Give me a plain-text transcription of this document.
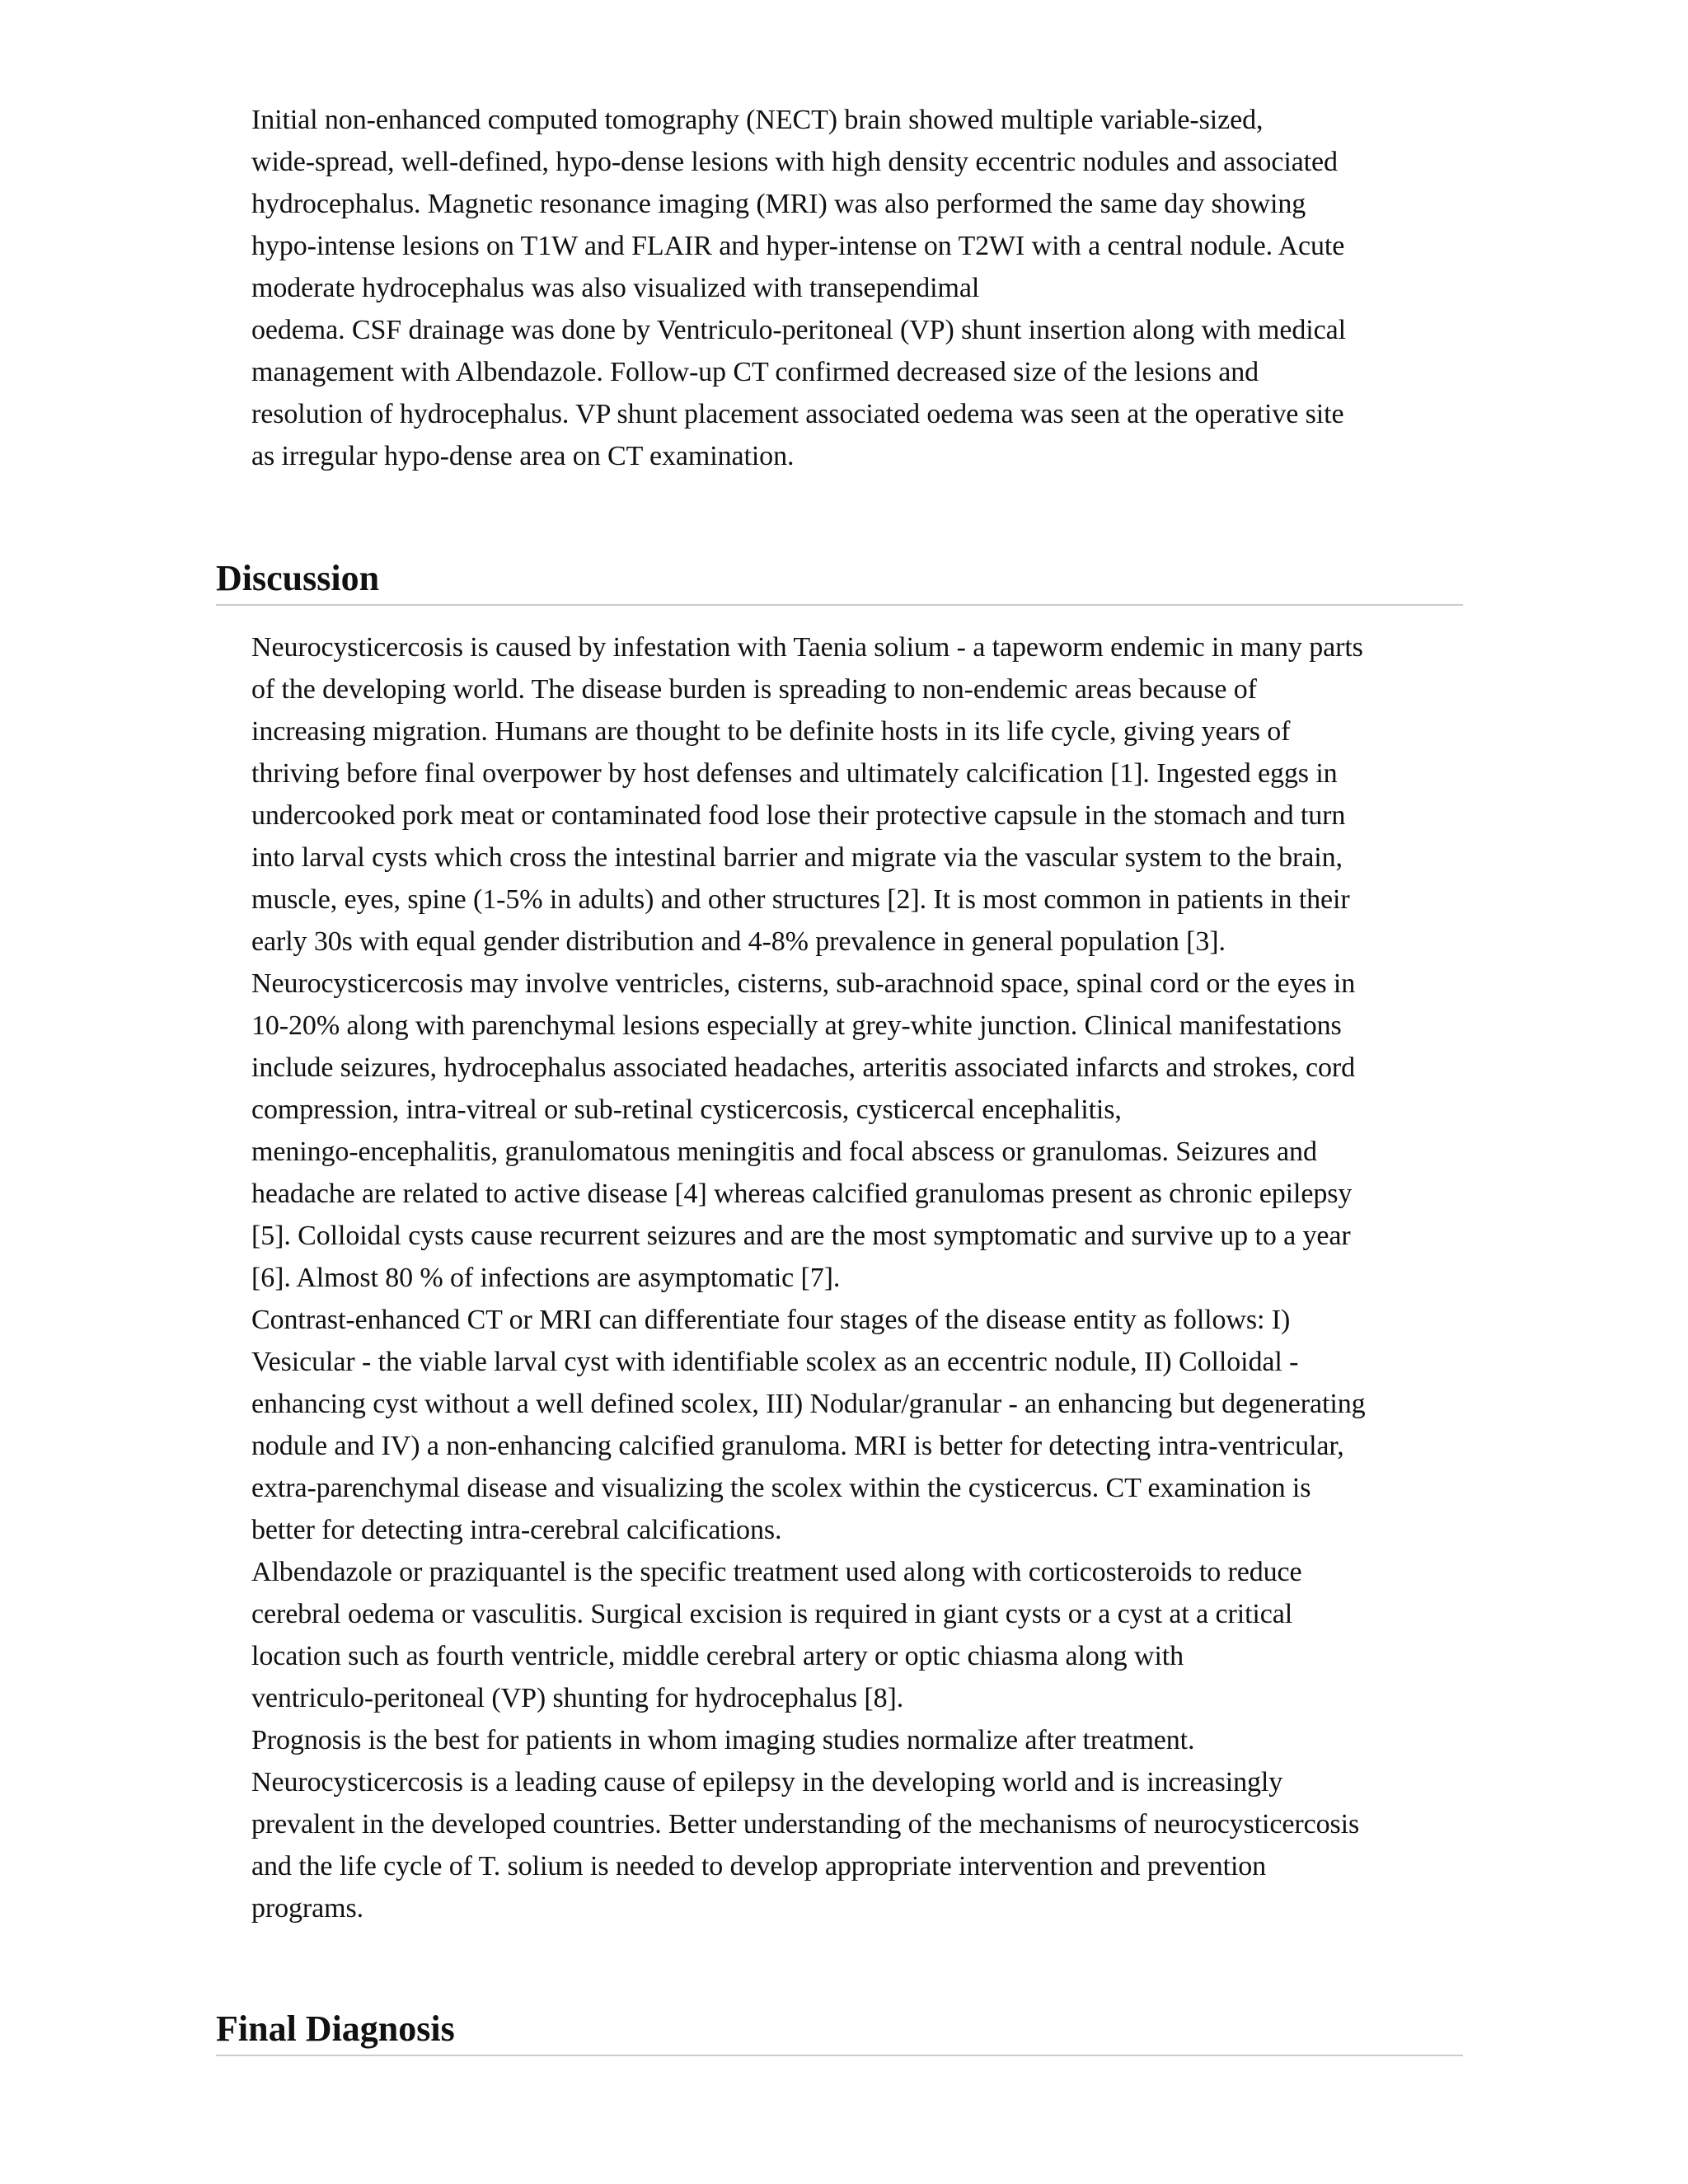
Initial non-enhanced computed tomography (NECT) brain showed multiple variable-sized,
wide-spread, well-defined, hypo-dense lesions with high density eccentric nodules and associated
hydrocephalus. Magnetic resonance imaging (MRI) was also performed the same day showing
hypo-intense lesions on T1W and FLAIR and hyper-intense on T2WI with a central nodule. Acute
moderate hydrocephalus was also visualized with transependimal
oedema. CSF drainage was done by Ventriculo-peritoneal (VP) shunt insertion along with medical
management with Albendazole. Follow-up CT confirmed decreased size of the lesions and
resolution of hydrocephalus. VP shunt placement associated oedema was seen at the operative site
as irregular hypo-dense area on CT examination.

Discussion

Neurocysticercosis is caused by infestation with Taenia solium - a tapeworm endemic in many parts
of the developing world. The disease burden is spreading to non-endemic areas because of
increasing migration. Humans are thought to be definite hosts in its life cycle, giving years of
thriving before final overpower by host defenses and ultimately calcification [1]. Ingested eggs in
undercooked pork meat or contaminated food lose their protective capsule in the stomach and turn
into larval cysts which cross the intestinal barrier and migrate via the vascular system to the brain,
muscle, eyes, spine (1-5% in adults) and other structures [2]. It is most common in patients in their
early 30s with equal gender distribution and 4-8% prevalence in general population [3].
Neurocysticercosis may involve ventricles, cisterns, sub-arachnoid space, spinal cord or the eyes in
10-20% along with parenchymal lesions especially at grey-white junction. Clinical manifestations
include seizures, hydrocephalus associated headaches, arteritis associated infarcts and strokes, cord
compression, intra-vitreal or sub-retinal cysticercosis, cysticercal encephalitis,
meningo-encephalitis, granulomatous meningitis and focal abscess or granulomas. Seizures and
headache are related to active disease [4] whereas calcified granulomas present as chronic epilepsy
[5]. Colloidal cysts cause recurrent seizures and are the most symptomatic and survive up to a year
[6]. Almost 80 % of infections are asymptomatic [7].
Contrast-enhanced CT or MRI can differentiate four stages of the disease entity as follows: I)
Vesicular - the viable larval cyst with identifiable scolex as an eccentric nodule, II) Colloidal -
enhancing cyst without a well defined scolex, III) Nodular/granular - an enhancing but degenerating
nodule and IV) a non-enhancing calcified granuloma. MRI is better for detecting intra-ventricular,
extra-parenchymal disease and visualizing the scolex within the cysticercus. CT examination is
better for detecting intra-cerebral calcifications.
Albendazole or praziquantel is the specific treatment used along with corticosteroids to reduce
cerebral oedema or vasculitis. Surgical excision is required in giant cysts or a cyst at a critical
location such as fourth ventricle, middle cerebral artery or optic chiasma along with
ventriculo-peritoneal (VP) shunting for hydrocephalus [8].
Prognosis is the best for patients in whom imaging studies normalize after treatment.
Neurocysticercosis is a leading cause of epilepsy in the developing world and is increasingly
prevalent in the developed countries. Better understanding of the mechanisms of neurocysticercosis
and the life cycle of T. solium is needed to develop appropriate intervention and prevention
programs.

Final Diagnosis
